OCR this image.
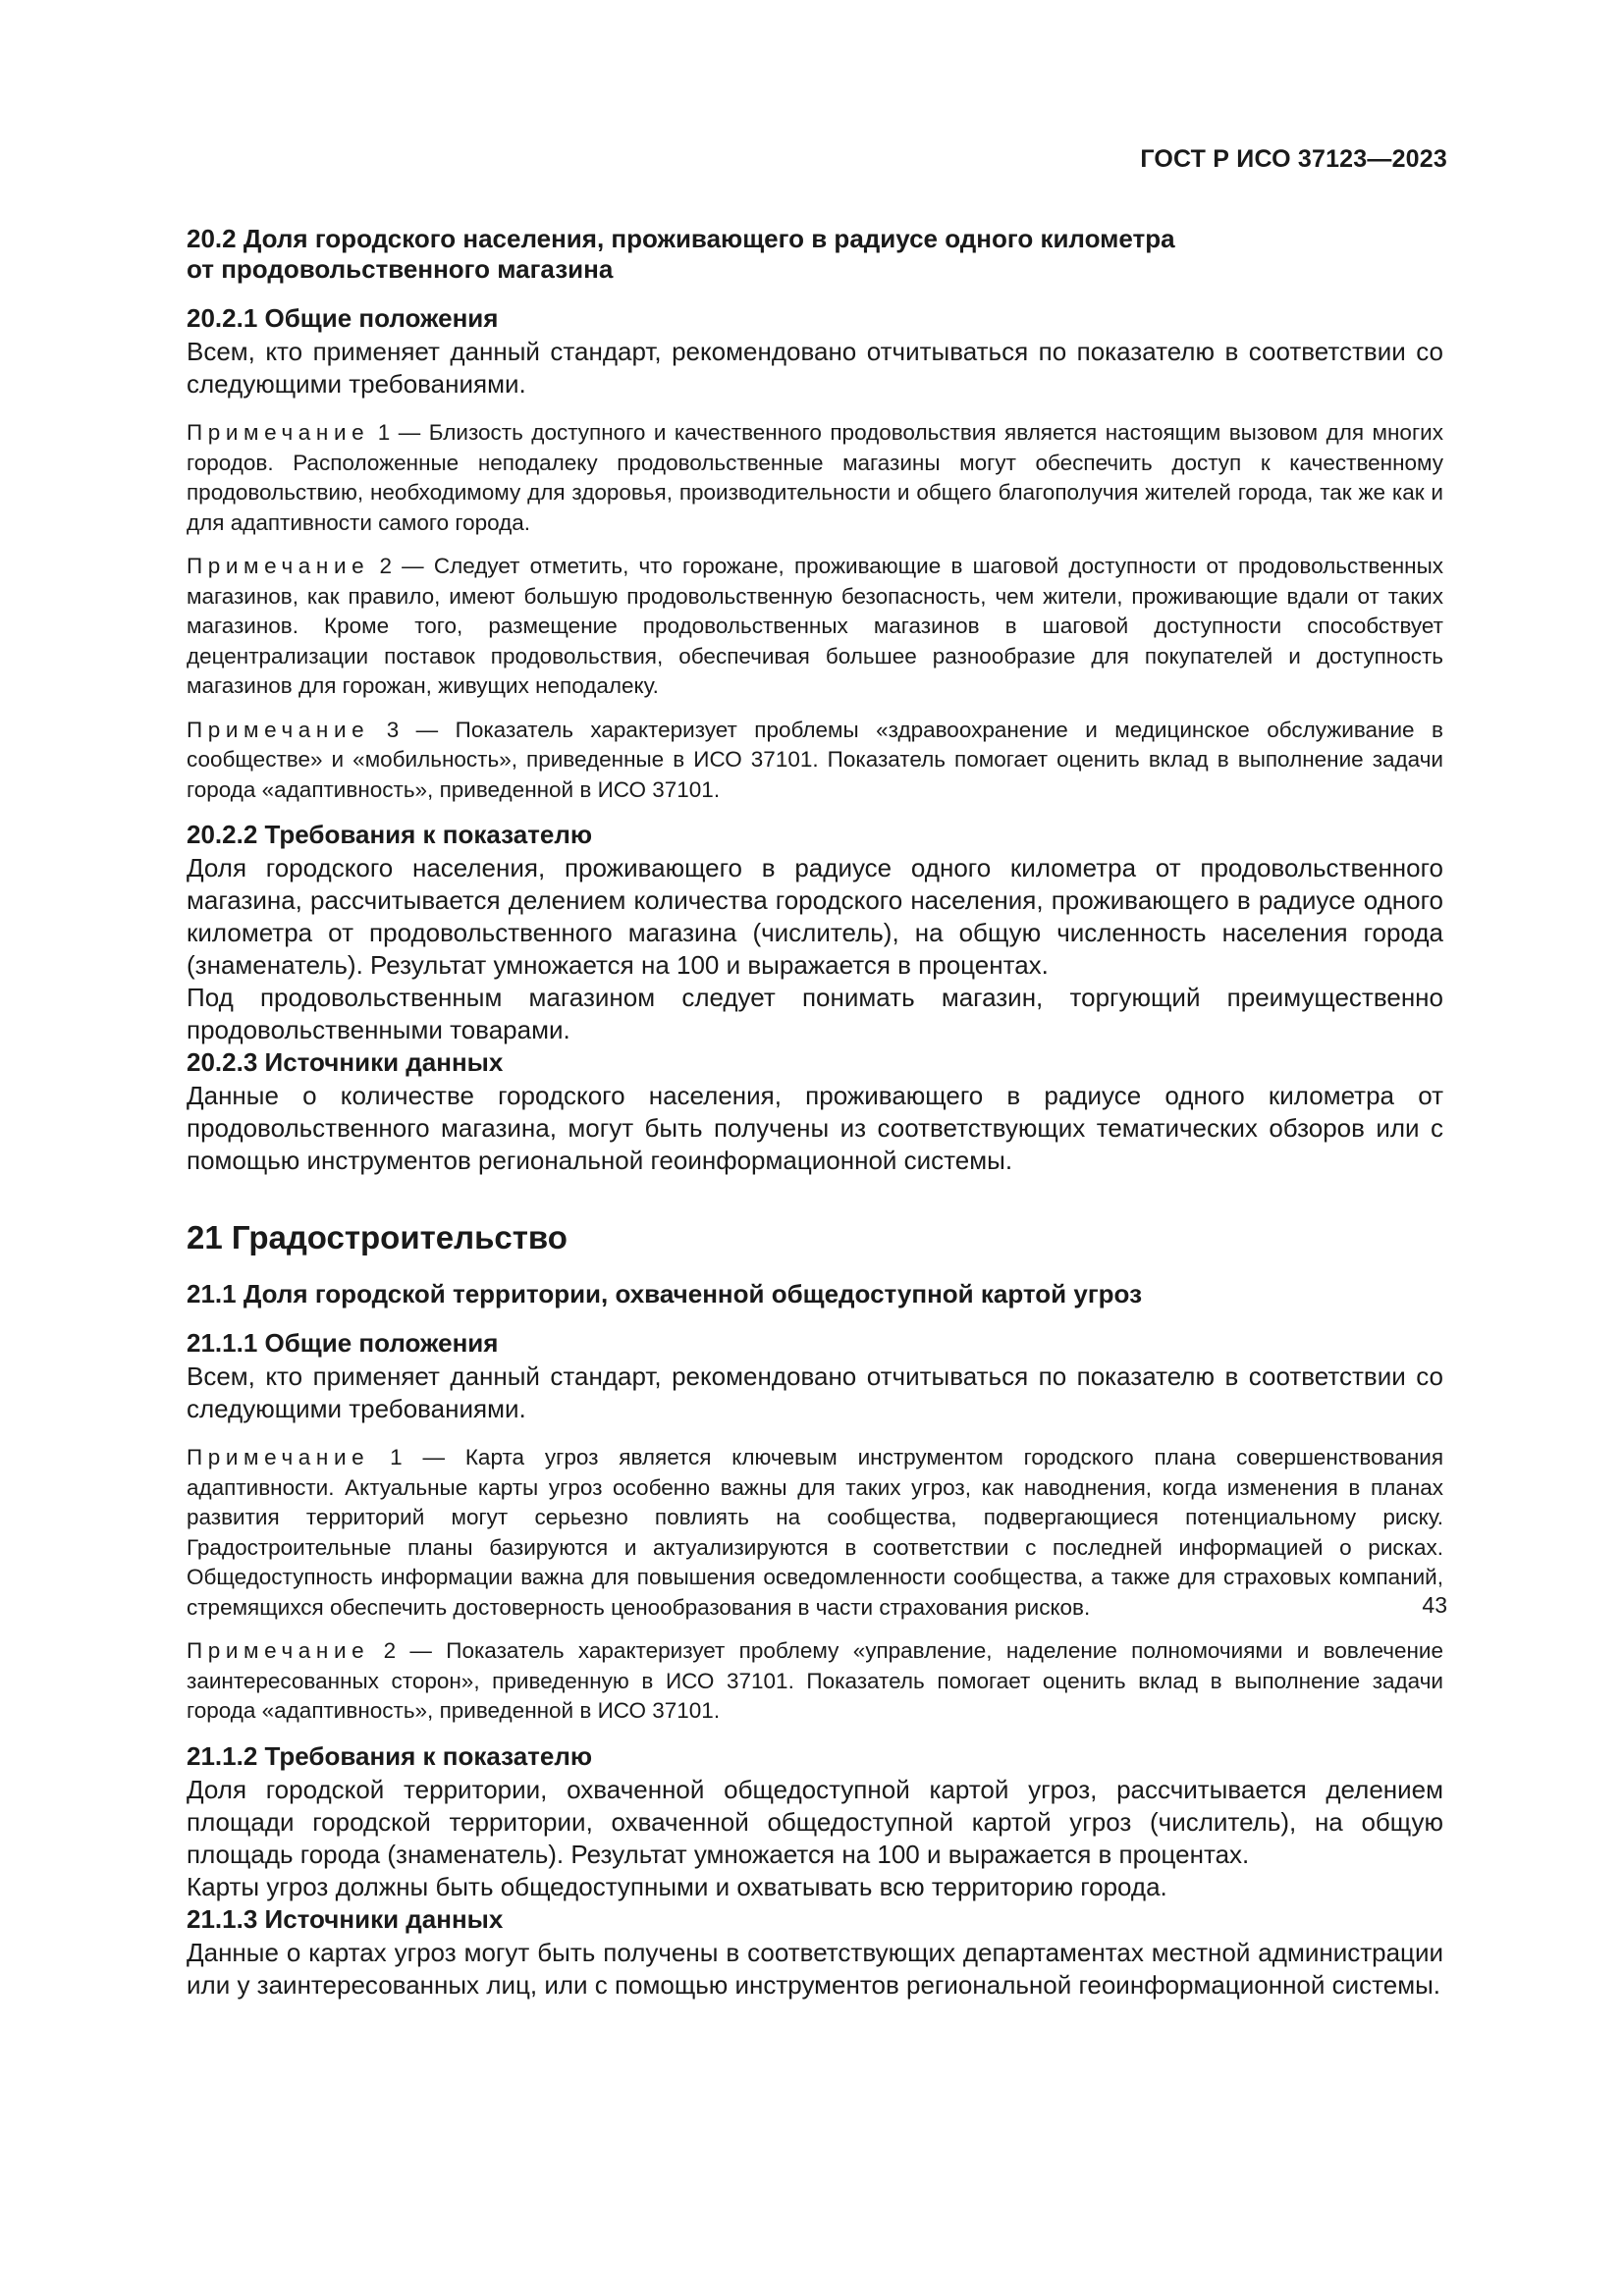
ГОСТ Р ИСО 37123—2023
20.2 Доля городского населения, проживающего в радиусе одного километра
от продовольственного магазина
20.2.1 Общие положения

Всем, кто применяет данный стандарт, рекомендовано отчитываться по показателю в соответствии со следующими требованиями.

Примечание 1 — Близость доступного и качественного продовольствия является настоящим вызовом для многих городов. Расположенные неподалеку продовольственные магазины могут обеспечить доступ к качественному продовольствию, необходимому для здоровья, производительности и общего благополучия жителей города, так же как и для адаптивности самого города.

Примечание 2 — Следует отметить, что горожане, проживающие в шаговой доступности от продовольственных магазинов, как правило, имеют большую продовольственную безопасность, чем жители, проживающие вдали от таких магазинов. Кроме того, размещение продовольственных магазинов в шаговой доступности способствует децентрализации поставок продовольствия, обеспечивая большее разнообразие для покупателей и доступность магазинов для горожан, живущих неподалеку.

Примечание 3 — Показатель характеризует проблемы «здравоохранение и медицинское обслуживание в сообществе» и «мобильность», приведенные в ИСО 37101. Показатель помогает оценить вклад в выполнение задачи города «адаптивность», приведенной в ИСО 37101.

20.2.2 Требования к показателю

Доля городского населения, проживающего в радиусе одного километра от продовольственного магазина, рассчитывается делением количества городского населения, проживающего в радиусе одного километра от продовольственного магазина (числитель), на общую численность населения города (знаменатель). Результат умножается на 100 и выражается в процентах.

Под продовольственным магазином следует понимать магазин, торгующий преимущественно продовольственными товарами.

20.2.3 Источники данных

Данные о количестве городского населения, проживающего в радиусе одного километра от продовольственного магазина, могут быть получены из соответствующих тематических обзоров или с помощью инструментов региональной геоинформационной системы.

21 Градостроительство
21.1 Доля городской территории, охваченной общедоступной картой угроз
21.1.1 Общие положения

Всем, кто применяет данный стандарт, рекомендовано отчитываться по показателю в соответствии со следующими требованиями.

Примечание 1 — Карта угроз является ключевым инструментом городского плана совершенствования адаптивности. Актуальные карты угроз особенно важны для таких угроз, как наводнения, когда изменения в планах развития территорий могут серьезно повлиять на сообщества, подвергающиеся потенциальному риску. Градостроительные планы базируются и актуализируются в соответствии с последней информацией о рисках. Общедоступность информации важна для повышения осведомленности сообщества, а также для страховых компаний, стремящихся обеспечить достоверность ценообразования в части страхования рисков.

Примечание 2 — Показатель характеризует проблему «управление, наделение полномочиями и вовлечение заинтересованных сторон», приведенную в ИСО 37101. Показатель помогает оценить вклад в выполнение задачи города «адаптивность», приведенной в ИСО 37101.

21.1.2 Требования к показателю

Доля городской территории, охваченной общедоступной картой угроз, рассчитывается делением площади городской территории, охваченной общедоступной картой угроз (числитель), на общую площадь города (знаменатель). Результат умножается на 100 и выражается в процентах.

Карты угроз должны быть общедоступными и охватывать всю территорию города.

21.1.3 Источники данных

Данные о картах угроз могут быть получены в соответствующих департаментах местной администрации или у заинтересованных лиц, или с помощью инструментов региональной геоинформационной системы.

43
